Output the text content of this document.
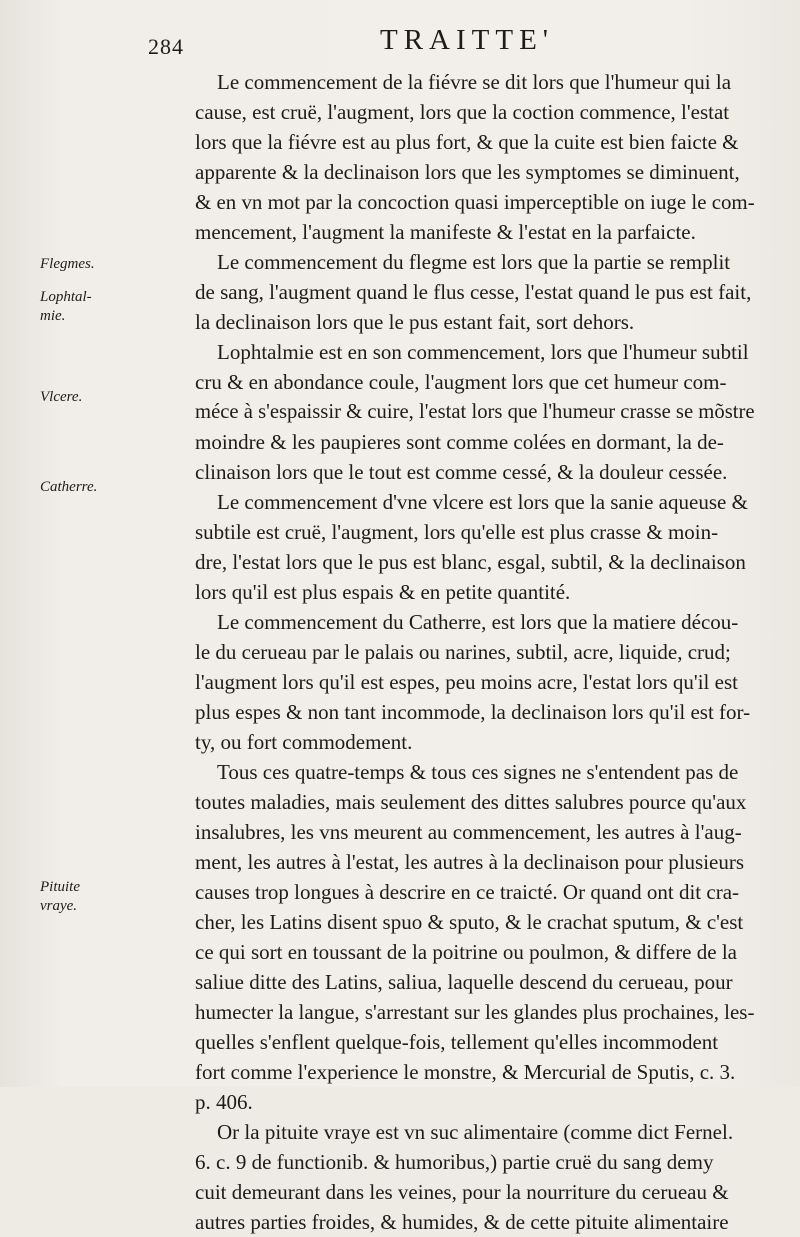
284	TRAITTE'
Flegmes.
Lophtal-
mie.
Vlcere.
Catherre.
Pituite
vraye.
Le commencement de la fiévre se dit lors que l'humeur qui la
cause, est cruë, l'augment, lors que la coction commence, l'estat
lors que la fiévre est au plus fort, & que la cuite est bien faicte &
apparente & la declinaison lors que les symptomes se diminuent,
& en vn mot par la concoction quasi imperceptible on iuge le com-
mencement, l'augment la manifeste & l'estat en la parfaicte.
Le commencement du flegme est lors que la partie se remplit
de sang, l'augment quand le flus cesse, l'estat quand le pus est fait,
la declinaison lors que le pus estant fait, sort dehors.
Lophtalmie est en son commencement, lors que l'humeur subtil
cru & en abondance coule, l'augment lors que cet humeur com-
méce à s'espaissir & cuire, l'estat lors que l'humeur crasse se mõstre
moindre & les paupieres sont comme colées en dormant, la de-
clinaison lors que le tout est comme cessé, & la douleur cessée.
Le commencement d'vne vlcere est lors que la sanie aqueuse &
subtile est cruë, l'augment, lors qu'elle est plus crasse & moin-
dre, l'estat lors que le pus est blanc, esgal, subtil, & la declinaison
lors qu'il est plus espais & en petite quantité.
Le commencement du Catherre, est lors que la matiere décou-
le du cerueau par le palais ou narines, subtil, acre, liquide, crud;
l'augment lors qu'il est espes, peu moins acre, l'estat lors qu'il est
plus espes & non tant incommode, la declinaison lors qu'il est for-
ty, ou fort commodement.
Tous ces quatre-temps & tous ces signes ne s'entendent pas de
toutes maladies, mais seulement des dittes salubres pource qu'aux
insalubres, les vns meurent au commencement, les autres à l'aug-
ment, les autres à l'estat, les autres à la declinaison pour plusieurs
causes trop longues à descrire en ce traicté. Or quand ont dit cra-
cher, les Latins disent spuo & sputo, & le crachat sputum, & c'est
ce qui sort en toussant de la poitrine ou poulmon, & differe de la
saliue ditte des Latins, saliua, laquelle descend du cerueau, pour
humecter la langue, s'arrestant sur les glandes plus prochaines, les-
quelles s'enflent quelque-fois, tellement qu'elles incommodent
fort comme l'experience le monstre, & Mercurial de Sputis, c. 3.
p. 406.
Or la pituite vraye est vn suc alimentaire (comme dict Fernel.
6. c. 9 de functionib. & humoribus,) partie cruë du sang demy
cuit demeurant dans les veines, pour la nourriture du cerueau &
autres parties froides, & humides, & de cette pituite alimentaire
